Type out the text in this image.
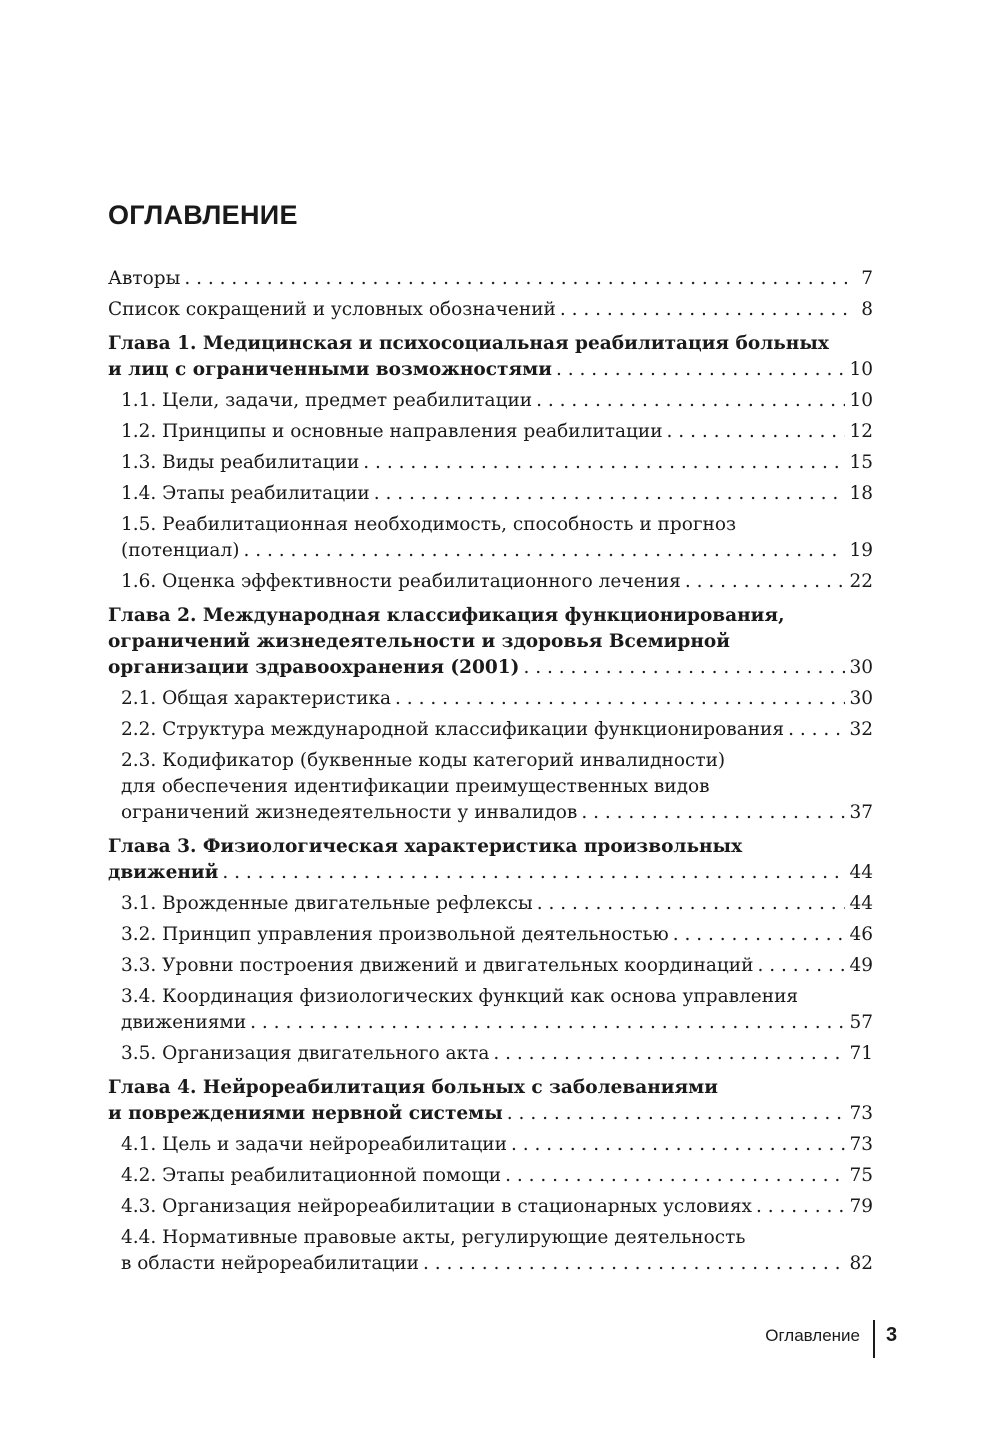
ОГЛАВЛЕНИЕ
Авторы . . .	7
Список сокращений и условных обозначений . . .	8
Глава 1. Медицинская и психосоциальная реабилитация больных
и лиц с ограниченными возможностями . . .	10
1.1. Цели, задачи, предмет реабилитации . . .	10
1.2. Принципы и основные направления реабилитации . . .	12
1.3. Виды реабилитации . . .	15
1.4. Этапы реабилитации . . .	18
1.5. Реабилитационная необходимость, способность и прогноз
(потенциал) . . .	19
1.6. Оценка эффективности реабилитационного лечения . . .	22
Глава 2. Международная классификация функционирования,
ограничений жизнедеятельности и здоровья Всемирной
организации здравоохранения (2001) . . .	30
2.1. Общая характеристика . . .	30
2.2. Структура международной классификации функционирования . . .	32
2.3. Кодификатор (буквенные коды категорий инвалидности)
для обеспечения идентификации преимущественных видов
ограничений жизнедеятельности у инвалидов . . .	37
Глава 3. Физиологическая характеристика произвольных
движений . . .	44
3.1. Врожденные двигательные рефлексы . . .	44
3.2. Принцип управления произвольной деятельностью . . .	46
3.3. Уровни построения движений и двигательных координаций . . .	49
3.4. Координация физиологических функций как основа управления
движениями . . .	57
3.5. Организация двигательного акта . . .	71
Глава 4. Нейрореабилитация больных с заболеваниями
и повреждениями нервной системы . . .	73
4.1. Цель и задачи нейрореабилитации . . .	73
4.2. Этапы реабилитационной помощи . . .	75
4.3. Организация нейрореабилитации в стационарных условиях . . .	79
4.4. Нормативные правовые акты, регулирующие деятельность
в области нейрореабилитации . . .	82
Оглавление 3
